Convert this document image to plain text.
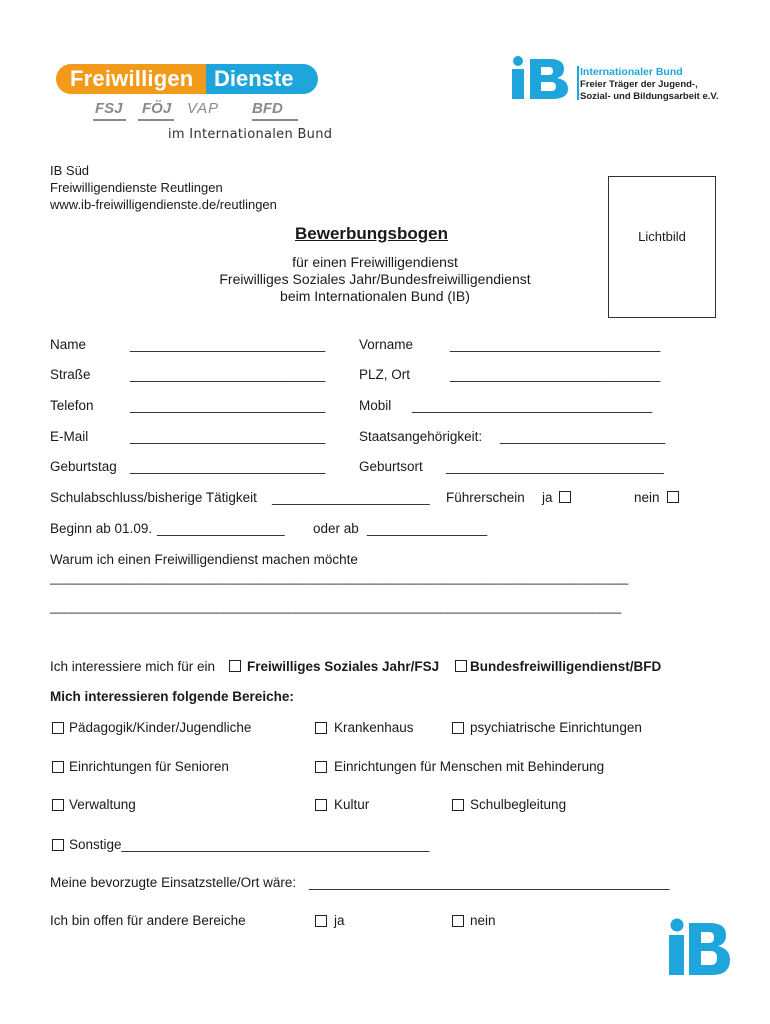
Freiwilligen Dienste
FSJ FÖJ VAP BFD
im Internationalen Bund
Internationaler Bund
Freier Träger der Jugend-,
Sozial- und Bildungsarbeit e.V.
IB Süd
Freiwilligendienste Reutlingen
www.ib-freiwilligendienste.de/reutlingen
Lichtbild
Bewerbungsbogen
für einen Freiwilligendienst
Freiwilliges Soziales Jahr/Bundesfreiwilligendienst
beim Internationalen Bund (IB)
Name	__________________________	Vorname	____________________________
Straße	__________________________	PLZ, Ort	____________________________
Telefon	__________________________	Mobil ________________________________
E-Mail	__________________________	Staatsangehörigkeit: ______________________
Geburtstag __________________________	Geburtsort _____________________________
Schulabschluss/bisherige Tätigkeit _____________________ Führerschein ja	nein
Beginn ab 01.09. _________________ oder ab ________________
Warum ich einen Freiwilligendienst machen möchte
________________________________________________________________________________
_______________________________________________________________________________
Ich interessiere mich für ein Freiwilliges Soziales Jahr/FSJ Bundesfreiwilligendienst/BFD
Mich interessieren folgende Bereiche:
Pädagogik/Kinder/Jugendliche	Krankenhaus	psychiatrische Einrichtungen
Einrichtungen für Senioren	Einrichtungen für Menschen mit Behinderung
Verwaltung	Kultur	Schulbegleitung
Sonstige_________________________________________
Meine bevorzugte Einsatzstelle/Ort wäre: ________________________________________________
Ich bin offen für andere Bereiche	ja	nein
